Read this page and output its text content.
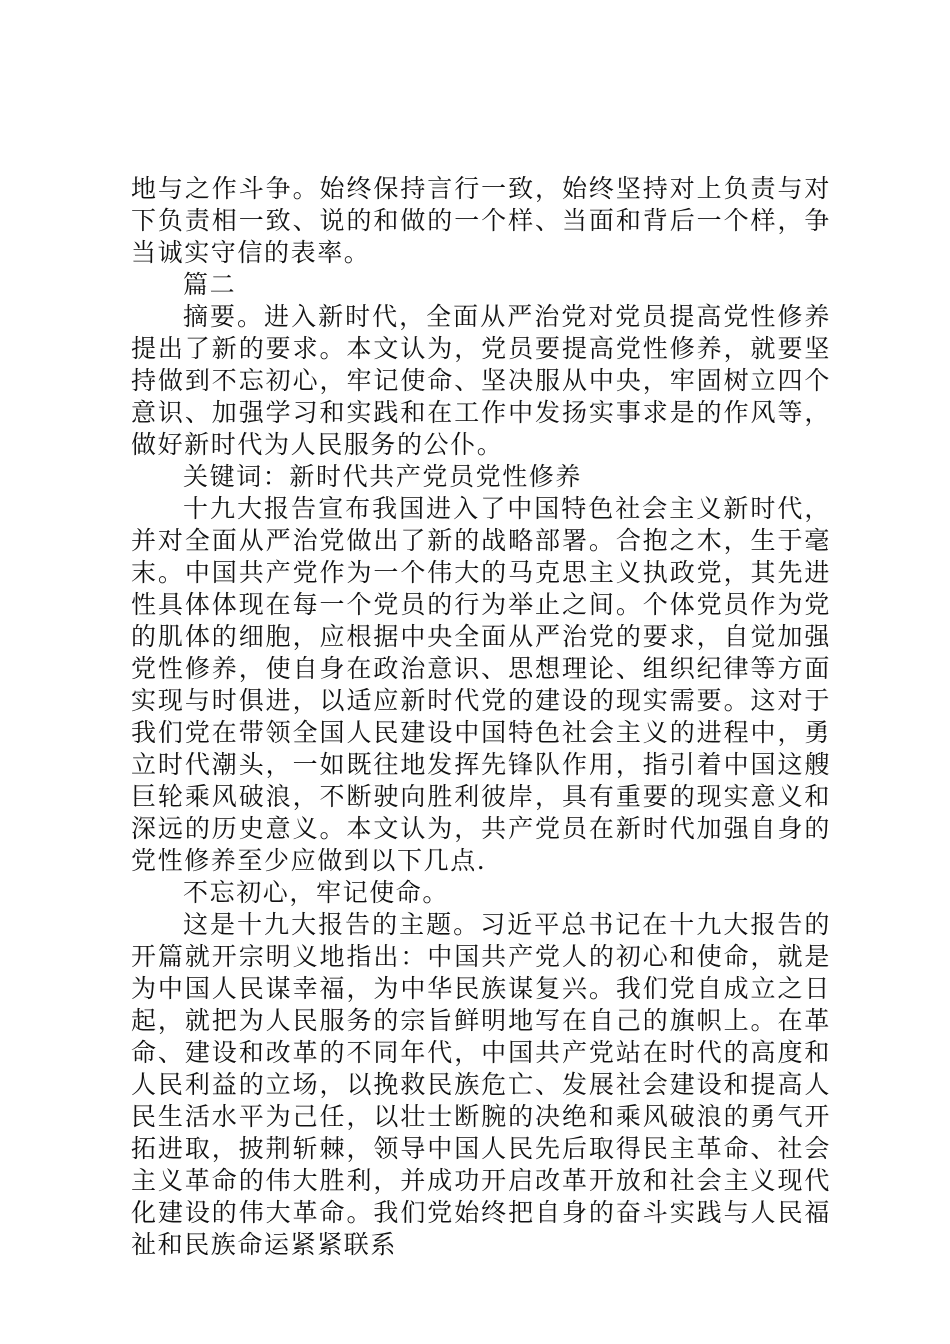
地与之作斗争。始终保持言行一致，始终坚持对上负责与对下负责相一致、说的和做的一个样、当面和背后一个样，争当诚实守信的表率。

篇二

摘要。进入新时代，全面从严治党对党员提高党性修养提出了新的要求。本文认为，党员要提高党性修养，就要坚持做到不忘初心，牢记使命、坚决服从中央，牢固树立四个意识、加强学习和实践和在工作中发扬实事求是的作风等，做好新时代为人民服务的公仆。

关键词：新时代共产党员党性修养

十九大报告宣布我国进入了中国特色社会主义新时代，并对全面从严治党做出了新的战略部署。合抱之木，生于毫末。中国共产党作为一个伟大的马克思主义执政党，其先进性具体体现在每一个党员的行为举止之间。个体党员作为党的肌体的细胞，应根据中央全面从严治党的要求，自觉加强党性修养，使自身在政治意识、思想理论、组织纪律等方面实现与时俱进，以适应新时代党的建设的现实需要。这对于我们党在带领全国人民建设中国特色社会主义的进程中，勇立时代潮头，一如既往地发挥先锋队作用，指引着中国这艘巨轮乘风破浪，不断驶向胜利彼岸，具有重要的现实意义和深远的历史意义。本文认为，共产党员在新时代加强自身的党性修养至少应做到以下几点.

不忘初心，牢记使命。

这是十九大报告的主题。习近平总书记在十九大报告的开篇就开宗明义地指出：中国共产党人的初心和使命，就是为中国人民谋幸福，为中华民族谋复兴。我们党自成立之日起，就把为人民服务的宗旨鲜明地写在自己的旗帜上。在革命、建设和改革的不同年代，中国共产党站在时代的高度和人民利益的立场，以挽救民族危亡、发展社会建设和提高人民生活水平为己任，以壮士断腕的决绝和乘风破浪的勇气开拓进取，披荆斩棘，领导中国人民先后取得民主革命、社会主义革命的伟大胜利，并成功开启改革开放和社会主义现代化建设的伟大革命。我们党始终把自身的奋斗实践与人民福祉和民族命运紧紧联系
